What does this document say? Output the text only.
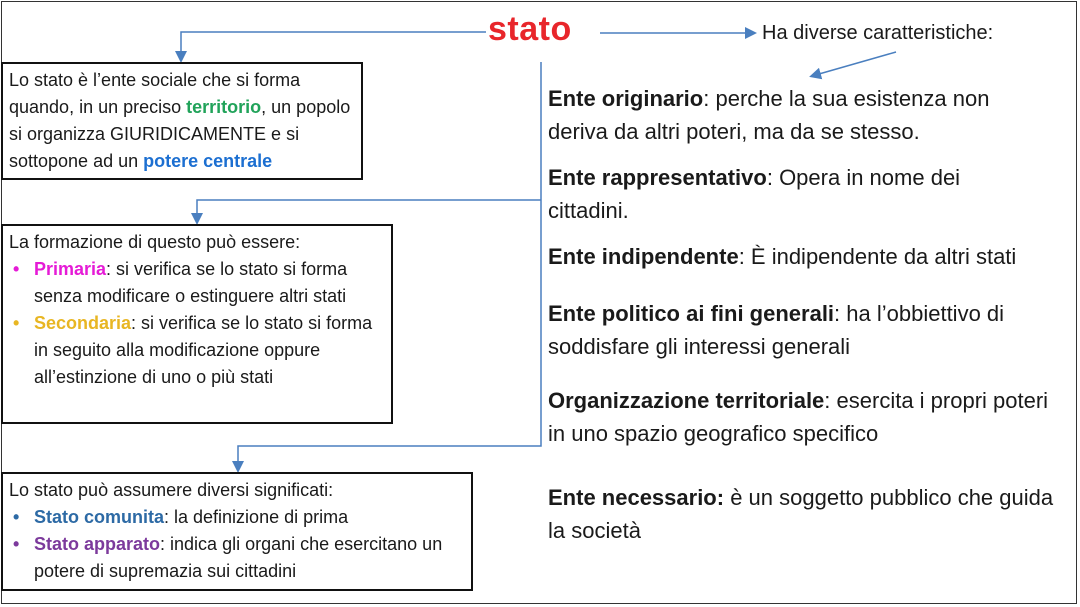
stato	Ha diverse caratteristiche:
Lo stato è l’ente sociale che si forma quando, in un preciso territorio, un popolo si organizza GIURIDICAMENTE e si sottopone ad un potere centrale
La formazione di questo può essere:
• Primaria: si verifica se lo stato si forma senza modificare o estinguere altri stati
• Secondaria: si verifica se lo stato si forma in seguito alla modificazione oppure all’estinzione di uno o più stati
Lo stato può assumere diversi significati:
• Stato comunita: la definizione di prima
• Stato apparato: indica gli organi che esercitano un potere di supremazia sui cittadini
Ente originario: perche la sua esistenza non deriva da altri poteri, ma da se stesso.
Ente rappresentativo: Opera in nome dei cittadini.
Ente indipendente: È indipendente da altri stati
Ente politico ai fini generali: ha l’obbiettivo di soddisfare gli interessi generali
Organizzazione territoriale: esercita i propri poteri in uno spazio geografico specifico
Ente necessario: è un soggetto pubblico che guida la società
